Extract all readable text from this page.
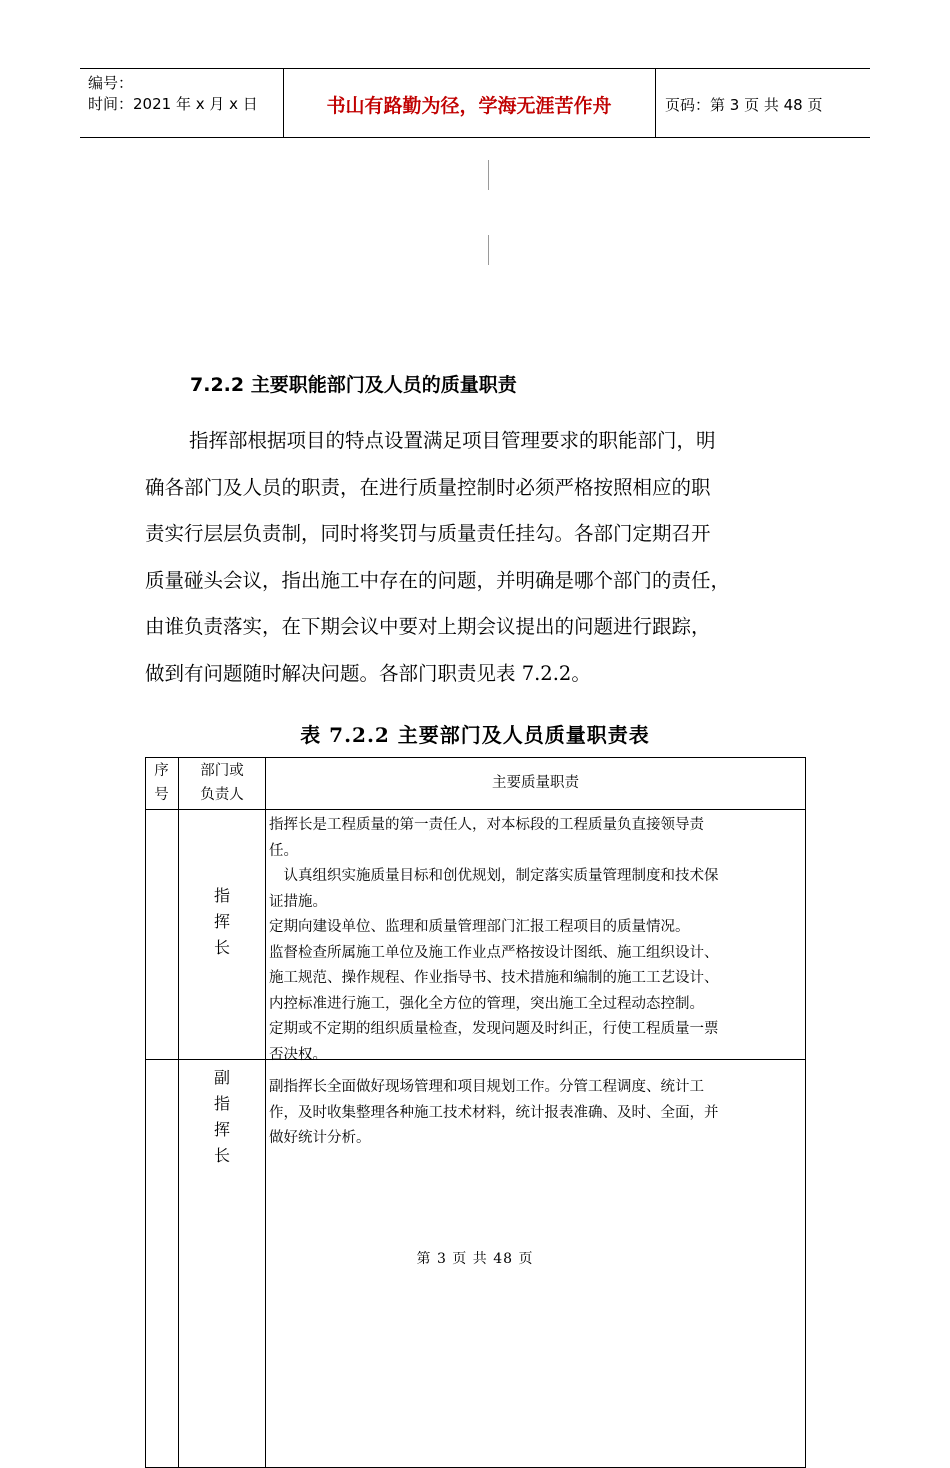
编号：
时间：2021 年 x 月 x 日	书山有路勤为径，学海无涯苦作舟	页码：第 3 页 共 48 页
7.2.2 主要职能部门及人员的质量职责
指挥部根据项目的特点设置满足项目管理要求的职能部门，明
确各部门及人员的职责，在进行质量控制时必须严格按照相应的职
责实行层层负责制，同时将奖罚与质量责任挂勾。各部门定期召开
质量碰头会议，指出施工中存在的问题，并明确是哪个部门的责任，
由谁负责落实，在下期会议中要对上期会议提出的问题进行跟踪，
做到有问题随时解决问题。各部门职责见表 7.2.2。
表 7.2.2 主要部门及人员质量职责表
序
号
部门或
负责人
主要质量职责
指
挥
长
指挥长是工程质量的第一责任人，对本标段的工程质量负直接领导责
任。
　认真组织实施质量目标和创优规划，制定落实质量管理制度和技术保
证措施。
定期向建设单位、监理和质量管理部门汇报工程项目的质量情况。
监督检查所属施工单位及施工作业点严格按设计图纸、施工组织设计、
施工规范、操作规程、作业指导书、技术措施和编制的施工工艺设计、
内控标准进行施工，强化全方位的管理，突出施工全过程动态控制。
定期或不定期的组织质量检查，发现问题及时纠正，行使工程质量一票
否决权。
副
指
挥
长
副指挥长全面做好现场管理和项目规划工作。分管工程调度、统计工
作，及时收集整理各种施工技术材料，统计报表准确、及时、全面，并
做好统计分析。
第 3 页 共 48 页
